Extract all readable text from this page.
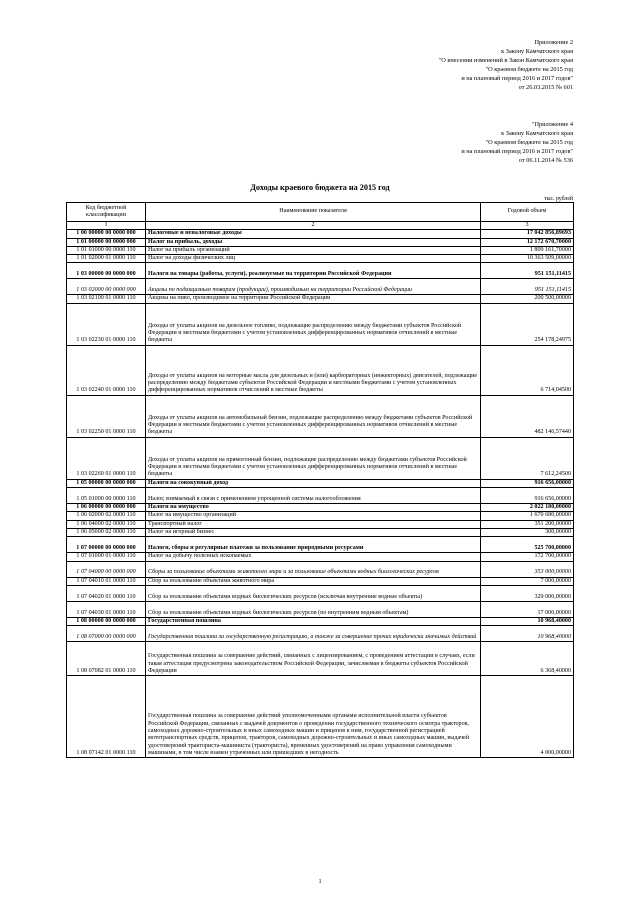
Приложение 2
к Закону Камчатского края
"О внесении изменений в Закон Камчатского края
"О краевом бюджете на 2015 год
и на плановый период 2016 и 2017 годов"
от 26.03.2015 № 601
"Приложение 4
к Закону Камчатского края
"О краевом бюджете на 2015 год
и на плановый период 2016 и 2017 годов"
от 06.11.2014 № 536
Доходы краевого бюджета на 2015 год
тыс. рублей
Код бюджетной классификации	Наименование показателя	Годовой объем
1	2	3
1 00 00000 00 0000 000	Налоговые и неналоговые доходы	17 042 856,89693
1 01 00000 00 0000 000	Налог на прибыль, доходы	12 172 670,70000
1 01 01000 00 0000 110	Налог на прибыль организаций	1 809 161,70000
1 01 02000 01 0000 110	Налог на доходы физических лиц	10 363 509,00000
1 03 00000 00 0000 000	Налоги на товары (работы, услуги), реализуемые на территории Российской Федерации	951 151,11415
1 03 02000 00 0000 000	Акцизы по подакцизным товарам (продукции), производимым на территории Российской Федерации	951 151,11415
1 03 02100 01 0000 110	Акцизы на пиво, производимое на территории Российской Федерации	200 500,00000
1 03 02230 01 0000 110	Доходы от уплаты акцизов на дизельное топливо, подлежащие распределению между бюджетами субъектов Российской Федерации и местными бюджетами с учетом установленных дифференцированных нормативов отчислений в местные бюджеты	254 178,24975
1 03 02240 01 0000 110	Доходы от уплаты акцизов на моторные масла для дизельных и (или) карбюраторных (инжекторных) двигателей, подлежащие распределению между бюджетами субъектов Российской Федерации и местными бюджетами с учетом установленных дифференцированных нормативов отчислений в местные бюджеты	6 714,04500
1 03 02250 01 0000 110	Доходы от уплаты акцизов на автомобильный бензин, подлежащие распределению между бюджетами субъектов Российской Федерации и местными бюджетами с учетом установленных дифференцированных нормативов отчислений в местные бюджеты	482 146,57440
1 03 02260 01 0000 110	Доходы от уплаты акцизов на прямогонный бензин, подлежащие распределению между бюджетами субъектов Российской Федерации и местными бюджетами с учетом установленных дифференцированных нормативов отчислений в местные бюджеты	7 612,24500
1 05 00000 00 0000 000	Налоги на совокупный доход	916 656,00000
1 05 01000 00 0000 110	Налог, взимаемый в связи с применением упрощенной системы налогообложения	916 656,00000
1 06 00000 00 0000 000	Налоги на имущество	2 022 180,00000
1 06 02000 02 0000 110	Налог на имущество организаций	1 670 680,00000
1 06 04000 02 0000 110	Транспортный налог	351 200,00000
1 06 05000 02 0000 110	Налог на игорный бизнес	300,00000
1 07 00000 00 0000 000	Налоги, сборы и регулярные платежи за пользование природными ресурсами	525 700,00000
1 07 01000 01 0000 110	Налог на добычу полезных ископаемых	172 700,00000
1 07 04000 00 0000 000	Сборы за пользование объектами животного мира и за пользование объектами водных биологических ресурсов	353 000,00000
1 07 04010 01 0000 110	Сбор за пользование объектами животного мира	7 000,00000
1 07 04020 01 0000 110	Сбор за пользование объектами водных биологических ресурсов (исключая внутренние водные объекты)	329 000,00000
1 07 04030 01 0000 110	Сбор за пользование объектами водных биологических ресурсов (по внутренним водным объектам)	17 000,00000
1 08 00000 00 0000 000	Государственная пошлина	10 968,40000
1 08 07000 00 0000 000	Государственная пошлина за государственную регистрацию, а также за совершение прочих юридически значимых действий	10 968,40000
1 08 07082 01 0000 110	Государственная пошлина за совершение действий, связанных с лицензированием, с проведением аттестации в случаях, если такая аттестация предусмотрена законодательством Российской Федерации, зачисляемая в бюджеты субъектов Российской Федерации	6 368,40000
1 08 07142 01 0000 110	Государственная пошлина за совершение действий уполномоченными органами исполнительной власти субъектов Российской Федерации, связанных с выдачей документов о проведении государственного технического осмотра тракторов, самоходных дорожно-строительных и иных самоходных машин и прицепов к ним, государственной регистрацией мототранспортных средств, прицепов, тракторов, самоходных дорожно-строительных и иных самоходных машин, выдачей удостоверений тракториста-машиниста (тракториста), временных удостоверений на право управления самоходными машинами, в том числе взамен утраченных или пришедших в негодность	4 000,00000
1
